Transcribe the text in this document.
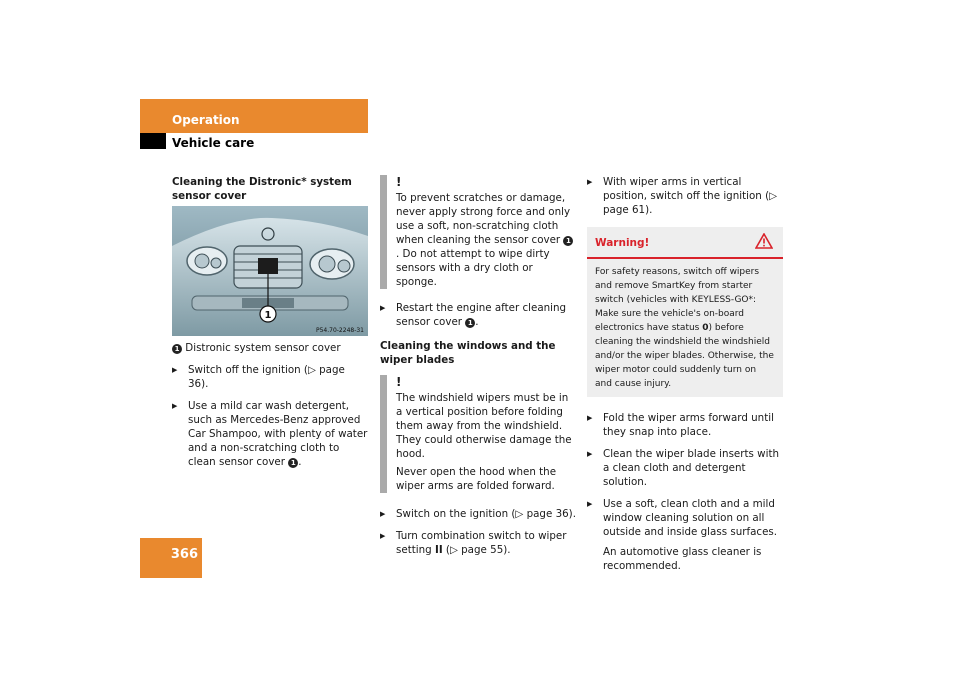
Operation
Vehicle care
Cleaning the Distronic* system sensor cover
1
P54.70-2248-31
1 Distronic system sensor cover
▶ Switch off the ignition (▷ page 36).
▶ Use a mild car wash detergent, such as Mercedes-Benz approved Car Shampoo, with plenty of water and a non-scratching cloth to clean sensor cover 1 .
!

To prevent scratches or damage, never apply strong force and only use a soft, non-scratching cloth when cleaning the sensor cover 1. Do not attempt to wipe dirty sensors with a dry cloth or sponge.

▶ Restart the engine after cleaning sensor cover 1 .
Cleaning the windows and the wiper blades
!

The windshield wipers must be in a vertical position before folding them away from the windshield. They could otherwise damage the hood.

Never open the hood when the wiper arms are folded forward.

▶ Switch on the ignition (▷ page 36).
▶ Turn combination switch to wiper setting II (▷ page 55).
▶ With wiper arms in vertical position, switch off the ignition (▷ page 61).
Warning!
For safety reasons, switch off wipers and remove SmartKey from starter switch (vehicles with KEYLESS-GO*: Make sure the vehicle's on-board electronics have status 0) before cleaning the windshield the windshield and/or the wiper blades. Otherwise, the wiper motor could suddenly turn on and cause injury.
▶ Fold the wiper arms forward until they snap into place.
▶ Clean the wiper blade inserts with a clean cloth and detergent solution.
▶ Use a soft, clean cloth and a mild window cleaning solution on all outside and inside glass surfaces.
An automotive glass cleaner is recommended.
366
